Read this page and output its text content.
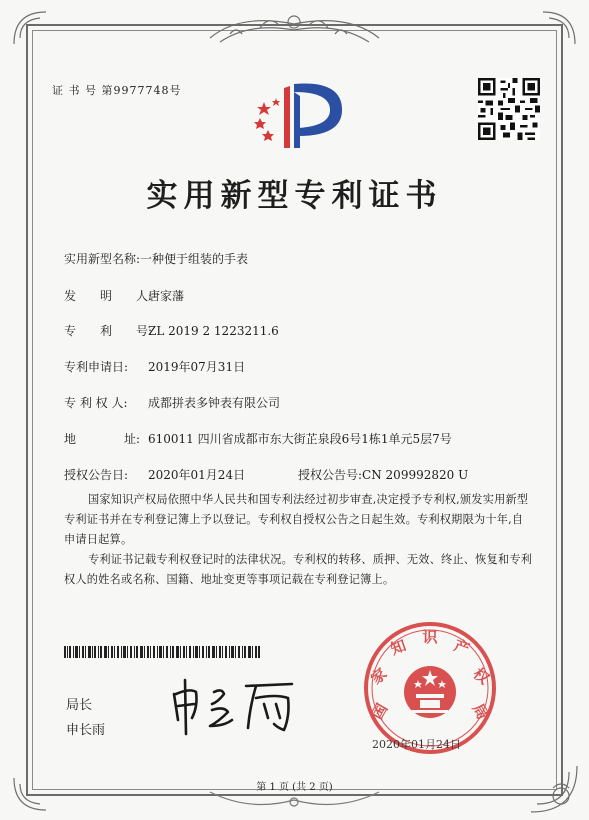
证 书 号 第9977748号
实用新型专利证书
实用新型名称:一种便于组装的手表
发　　明　　人:唐家藩
专　　利　　号:ZL 2019 2 1223211.6
专利申请日: 2019年07月31日
专 利 权 人: 成都拼表多钟表有限公司
地　　　　址: 610011 四川省成都市东大街芷泉段6号1栋1单元5层7号
授权公告日: 2020年01月24日	授权公告号:CN 209992820 U
国家知识产权局依照中华人民共和国专利法经过初步审查,决定授予专利权,颁发实用新型专利证书并在专利登记簿上予以登记。专利权自授权公告之日起生效。专利权期限为十年,自申请日起算。
专利证书记载专利权登记时的法律状况。专利权的转移、质押、无效、终止、恢复和专利权人的姓名或名称、国籍、地址变更等事项记载在专利登记簿上。
局长
申长雨
国
家
知 识 产
权
局
2020年01月24日
第 1 页 (共 2 页)
